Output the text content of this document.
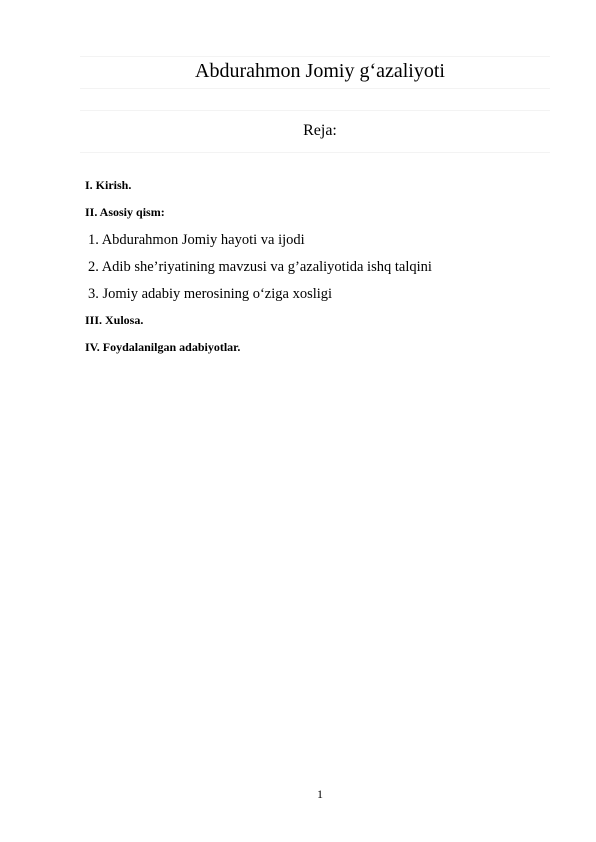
Abdurahmon Jomiy g‘azaliyoti
Reja:
I. Kirish.
II. Asosiy qism:
1. Abdurahmon Jomiy hayoti va ijodi
2. Adib she’riyatining mavzusi va g’azaliyotida ishq talqini
3. Jomiy adabiy merosining o‘ziga xosligi
III. Xulosa.
IV. Foydalanilgan adabiyotlar.
1
